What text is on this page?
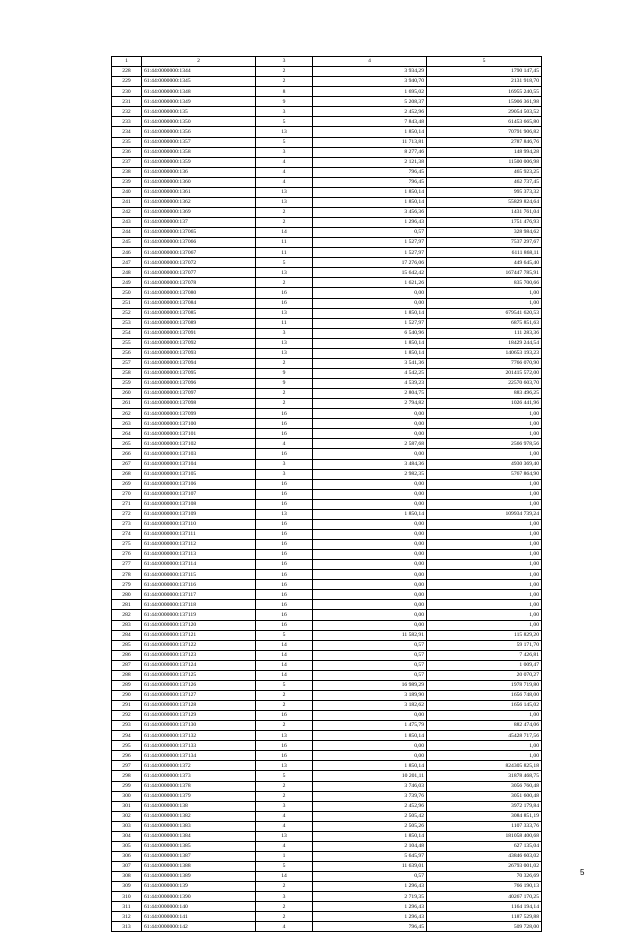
1	2	3	4	5
228	61:44:0000000:1344	2	3 934,29	1790 147,45
229	61:44:0000000:1345	2	3 940,70	2131 918,70
230	61:44:0000000:1348	8	1 695,02	16955 240,55
231	61:44:0000000:1349	9	5 208,37	15906 361,98
232	61:44:0000000:135	3	2 452,96	29054 503,52
233	61:44:0000000:1350	5	7 843,48	61453 665,80
234	61:44:0000000:1356	13	1 850,14	70791 906,82
235	61:44:0000000:1357	5	11 713,81	2787 846,76
236	61:44:0000000:1358	3	8 277,46	148 994,28
237	61:44:0000000:1359	4	2 121,38	11500 006,98
238	61:44:0000000:136	4	796,45	465 923,25
239	61:44:0000000:1360	4	796,45	462 737,45
240	61:44:0000000:1361	13	1 850,14	995 373,32
241	61:44:0000000:1362	13	1 850,14	55829 824,64
242	61:44:0000000:1369	2	3 456,36	1431 761,04
243	61:44:0000000:137	2	1 296,43	1751 476,93
244	61:44:0000000:137065	14	0,57	328 984,62
245	61:44:0000000:137066	11	1 527,97	7537 297,67
246	61:44:0000000:137067	11	1 527,97	6111 868,11
247	61:44:0000000:137072	5	17 276,06	449 645,40
248	61:44:0000000:137077	13	15 642,42	167447 785,91
249	61:44:0000000:137078	2	1 621,26	835 700,66
250	61:44:0000000:137080	16	0,00	1,00
251	61:44:0000000:137084	16	0,00	1,00
252	61:44:0000000:137085	13	1 850,14	679541 620,53
253	61:44:0000000:137089	11	1 527,97	6875 851,63
254	61:44:0000000:137091	3	6 540,96	111 283,36
255	61:44:0000000:137092	13	1 850,14	18429 244,54
256	61:44:0000000:137093	13	1 850,14	140653 193,23
257	61:44:0000000:137094	2	3 541,36	7766 070,90
258	61:44:0000000:137095	9	4 542,25	201415 572,00
259	61:44:0000000:137096	9	4 539,23	22570 603,70
260	61:44:0000000:137097	2	2 804,75	883 496,25
261	61:44:0000000:137098	2	2 794,82	1026 441,96
262	61:44:0000000:137099	16	0,00	1,00
263	61:44:0000000:137100	16	0,00	1,00
264	61:44:0000000:137101	16	0,00	1,00
265	61:44:0000000:137102	4	2 587,68	2566 978,56
266	61:44:0000000:137103	16	0,00	1,00
267	61:44:0000000:137104	3	3 484,36	4930 369,40
268	61:44:0000000:137105	3	2 982,35	5767 864,90
269	61:44:0000000:137106	16	0,00	1,00
270	61:44:0000000:137107	16	0,00	1,00
271	61:44:0000000:137108	16	0,00	1,00
272	61:44:0000000:137109	13	1 850,14	109934 739,24
273	61:44:0000000:137110	16	0,00	1,00
274	61:44:0000000:137111	16	0,00	1,00
275	61:44:0000000:137112	16	0,00	1,00
276	61:44:0000000:137113	16	0,00	1,00
277	61:44:0000000:137114	16	0,00	1,00
278	61:44:0000000:137115	16	0,00	1,00
279	61:44:0000000:137116	16	0,00	1,00
280	61:44:0000000:137117	16	0,00	1,00
281	61:44:0000000:137118	16	0,00	1,00
282	61:44:0000000:137119	16	0,00	1,00
283	61:44:0000000:137120	16	0,00	1,00
284	61:44:0000000:137121	5	11 582,91	115 829,20
285	61:44:0000000:137122	14	0,57	59 171,70
286	61:44:0000000:137123	14	0,57	7 426,81
287	61:44:0000000:137124	14	0,57	1 009,47
288	61:44:0000000:137125	14	0,57	20 070,27
289	61:44:0000000:137126	5	16 989,29	1978 719,80
290	61:44:0000000:137127	2	3 189,90	1656 748,00
291	61:44:0000000:137128	2	3 182,62	1656 145,02
292	61:44:0000000:137129	16	0,00	1,00
293	61:44:0000000:137130	2	1 475,79	882 474,06
294	61:44:0000000:137132	13	1 850,14	45428 717,56
295	61:44:0000000:137133	16	0,00	1,00
296	61:44:0000000:137134	16	0,00	1,00
297	61:44:0000000:1372	13	1 850,14	824305 825,18
298	61:44:0000000:1373	5	10 201,11	31878 468,75
299	61:44:0000000:1378	2	3 746,03	3056 760,48
300	61:44:0000000:1379	2	3 739,76	3051 600,48
301	61:44:0000000:138	3	2 452,96	3972 179,84
302	61:44:0000000:1382	4	2 505,42	3084 851,19
303	61:44:0000000:1383	4	2 505,26	1107 333,76
304	61:44:0000000:1384	13	1 850,14	181058 400,68
305	61:44:0000000:1385	4	2 104,48	627 135,04
306	61:44:0000000:1387	1	5 645,97	43846 603,02
307	61:44:0000000:1388	5	11 639,01	26793 001,02
308	61:44:0000000:1389	14	0,57	70 326,69
309	61:44:0000000:139	2	1 296,43	766 190,13
310	61:44:0000000:1390	3	2 719,35	40267 170,25
311	61:44:0000000:140	2	1 296,43	1164 194,14
312	61:44:0000000:141	2	1 296,43	1187 529,88
313	61:44:0000000:142	4	796,45	509 728,00
5
